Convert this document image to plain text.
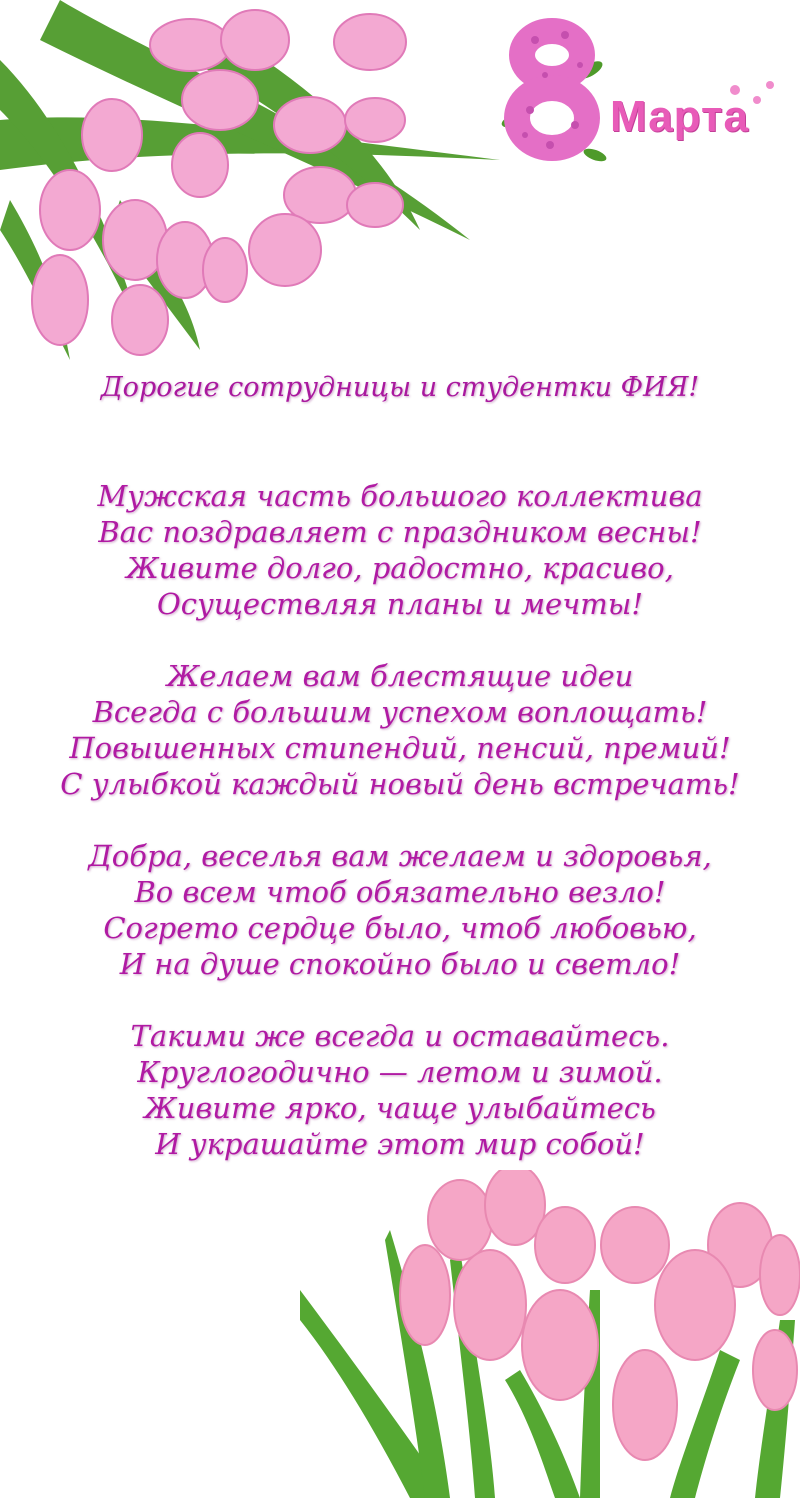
Марта
Дорогие сотрудницы и студентки ФИЯ!
Мужская часть большого коллектива
Вас поздравляет с праздником весны!
Живите долго, радостно, красиво,
Осуществляя планы и мечты!
Желаем вам блестящие идеи
Всегда с большим успехом воплощать!
Повышенных стипендий, пенсий, премий!
С улыбкой каждый новый день встречать!
Добра, веселья вам желаем и здоровья,
Во всем чтоб обязательно везло!
Согрето сердце было, чтоб любовью,
И на душе спокойно было и светло!
Такими же всегда и оставайтесь.
Круглогодично — летом и зимой.
Живите ярко, чаще улыбайтесь
И украшайте этот мир собой!
